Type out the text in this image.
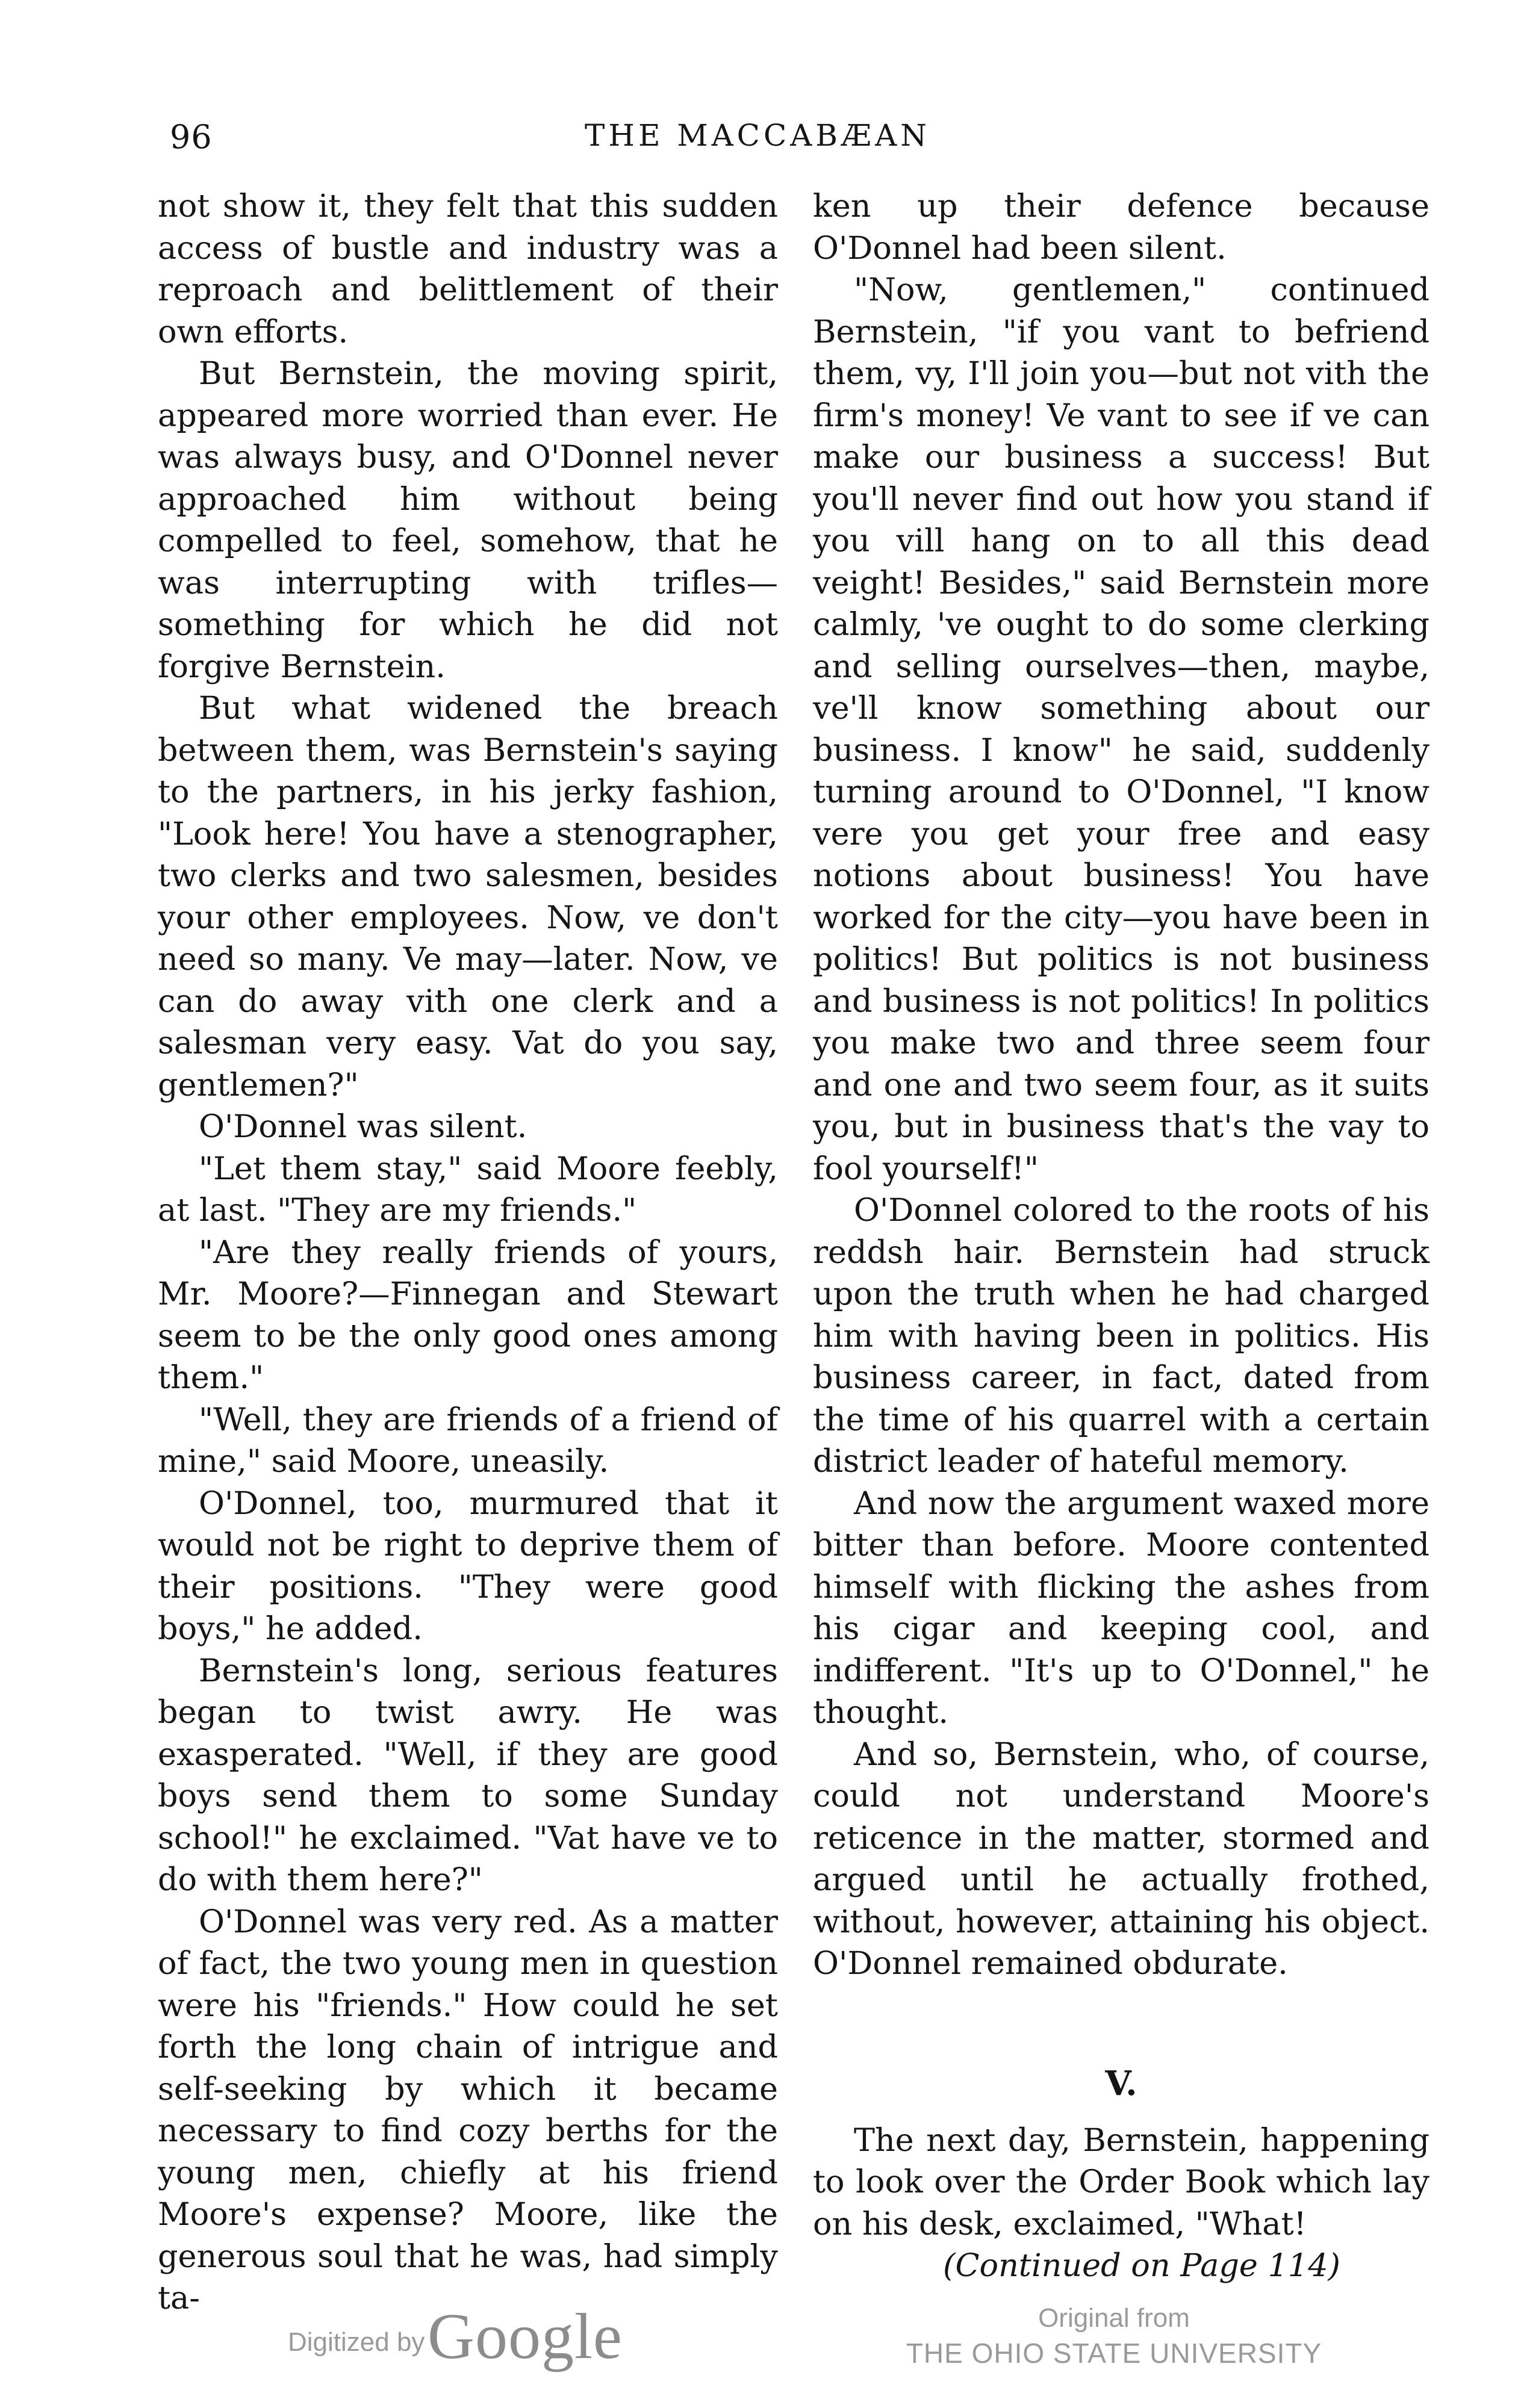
96	THE MACCABÆAN

not show it, they felt that this sudden access of bustle and industry was a reproach and belittlement of their own efforts.

But Bernstein, the moving spirit, appeared more worried than ever. He was always busy, and O'Donnel never approached him without being compelled to feel, somehow, that he was interrupting with trifles—something for which he did not forgive Bernstein.

But what widened the breach between them, was Bernstein's saying to the partners, in his jerky fashion, "Look here! You have a stenographer, two clerks and two salesmen, besides your other employees. Now, ve don't need so many. Ve may—later. Now, ve can do away vith one clerk and a salesman very easy. Vat do you say, gentlemen?"

O'Donnel was silent.

"Let them stay," said Moore feebly, at last. "They are my friends."

"Are they really friends of yours, Mr. Moore?—Finnegan and Stewart seem to be the only good ones among them."

"Well, they are friends of a friend of mine," said Moore, uneasily.

O'Donnel, too, murmured that it would not be right to deprive them of their positions. "They were good boys," he added.

Bernstein's long, serious features began to twist awry. He was exasperated. "Well, if they are good boys send them to some Sunday school!" he exclaimed. "Vat have ve to do with them here?"

O'Donnel was very red. As a matter of fact, the two young men in question were his "friends." How could he set forth the long chain of intrigue and self-seeking by which it became necessary to find cozy berths for the young men, chiefly at his friend Moore's expense? Moore, like the generous soul that he was, had simply ta-

ken up their defence because O'Donnel had been silent.

"Now, gentlemen," continued Bernstein, "if you vant to befriend them, vy, I'll join you—but not vith the firm's money! Ve vant to see if ve can make our business a success! But you'll never find out how you stand if you vill hang on to all this dead veight! Besides," said Bernstein more calmly, 've ought to do some clerking and selling ourselves—then, maybe, ve'll know something about our business. I know" he said, suddenly turning around to O'Donnel, "I know vere you get your free and easy notions about business! You have worked for the city—you have been in politics! But politics is not business and business is not politics! In politics you make two and three seem four and one and two seem four, as it suits you, but in business that's the vay to fool yourself!"

O'Donnel colored to the roots of his reddsh hair. Bernstein had struck upon the truth when he had charged him with having been in politics. His business career, in fact, dated from the time of his quarrel with a certain district leader of hateful memory.

And now the argument waxed more bitter than before. Moore contented himself with flicking the ashes from his cigar and keeping cool, and indifferent. "It's up to O'Donnel," he thought.

And so, Bernstein, who, of course, could not understand Moore's reticence in the matter, stormed and argued until he actually frothed, without, however, attaining his object. O'Donnel remained obdurate.

V.

The next day, Bernstein, happening to look over the Order Book which lay on his desk, exclaimed, "What!

(Continued on Page 114)

Digitized by Google	Original from
THE OHIO STATE UNIVERSITY
